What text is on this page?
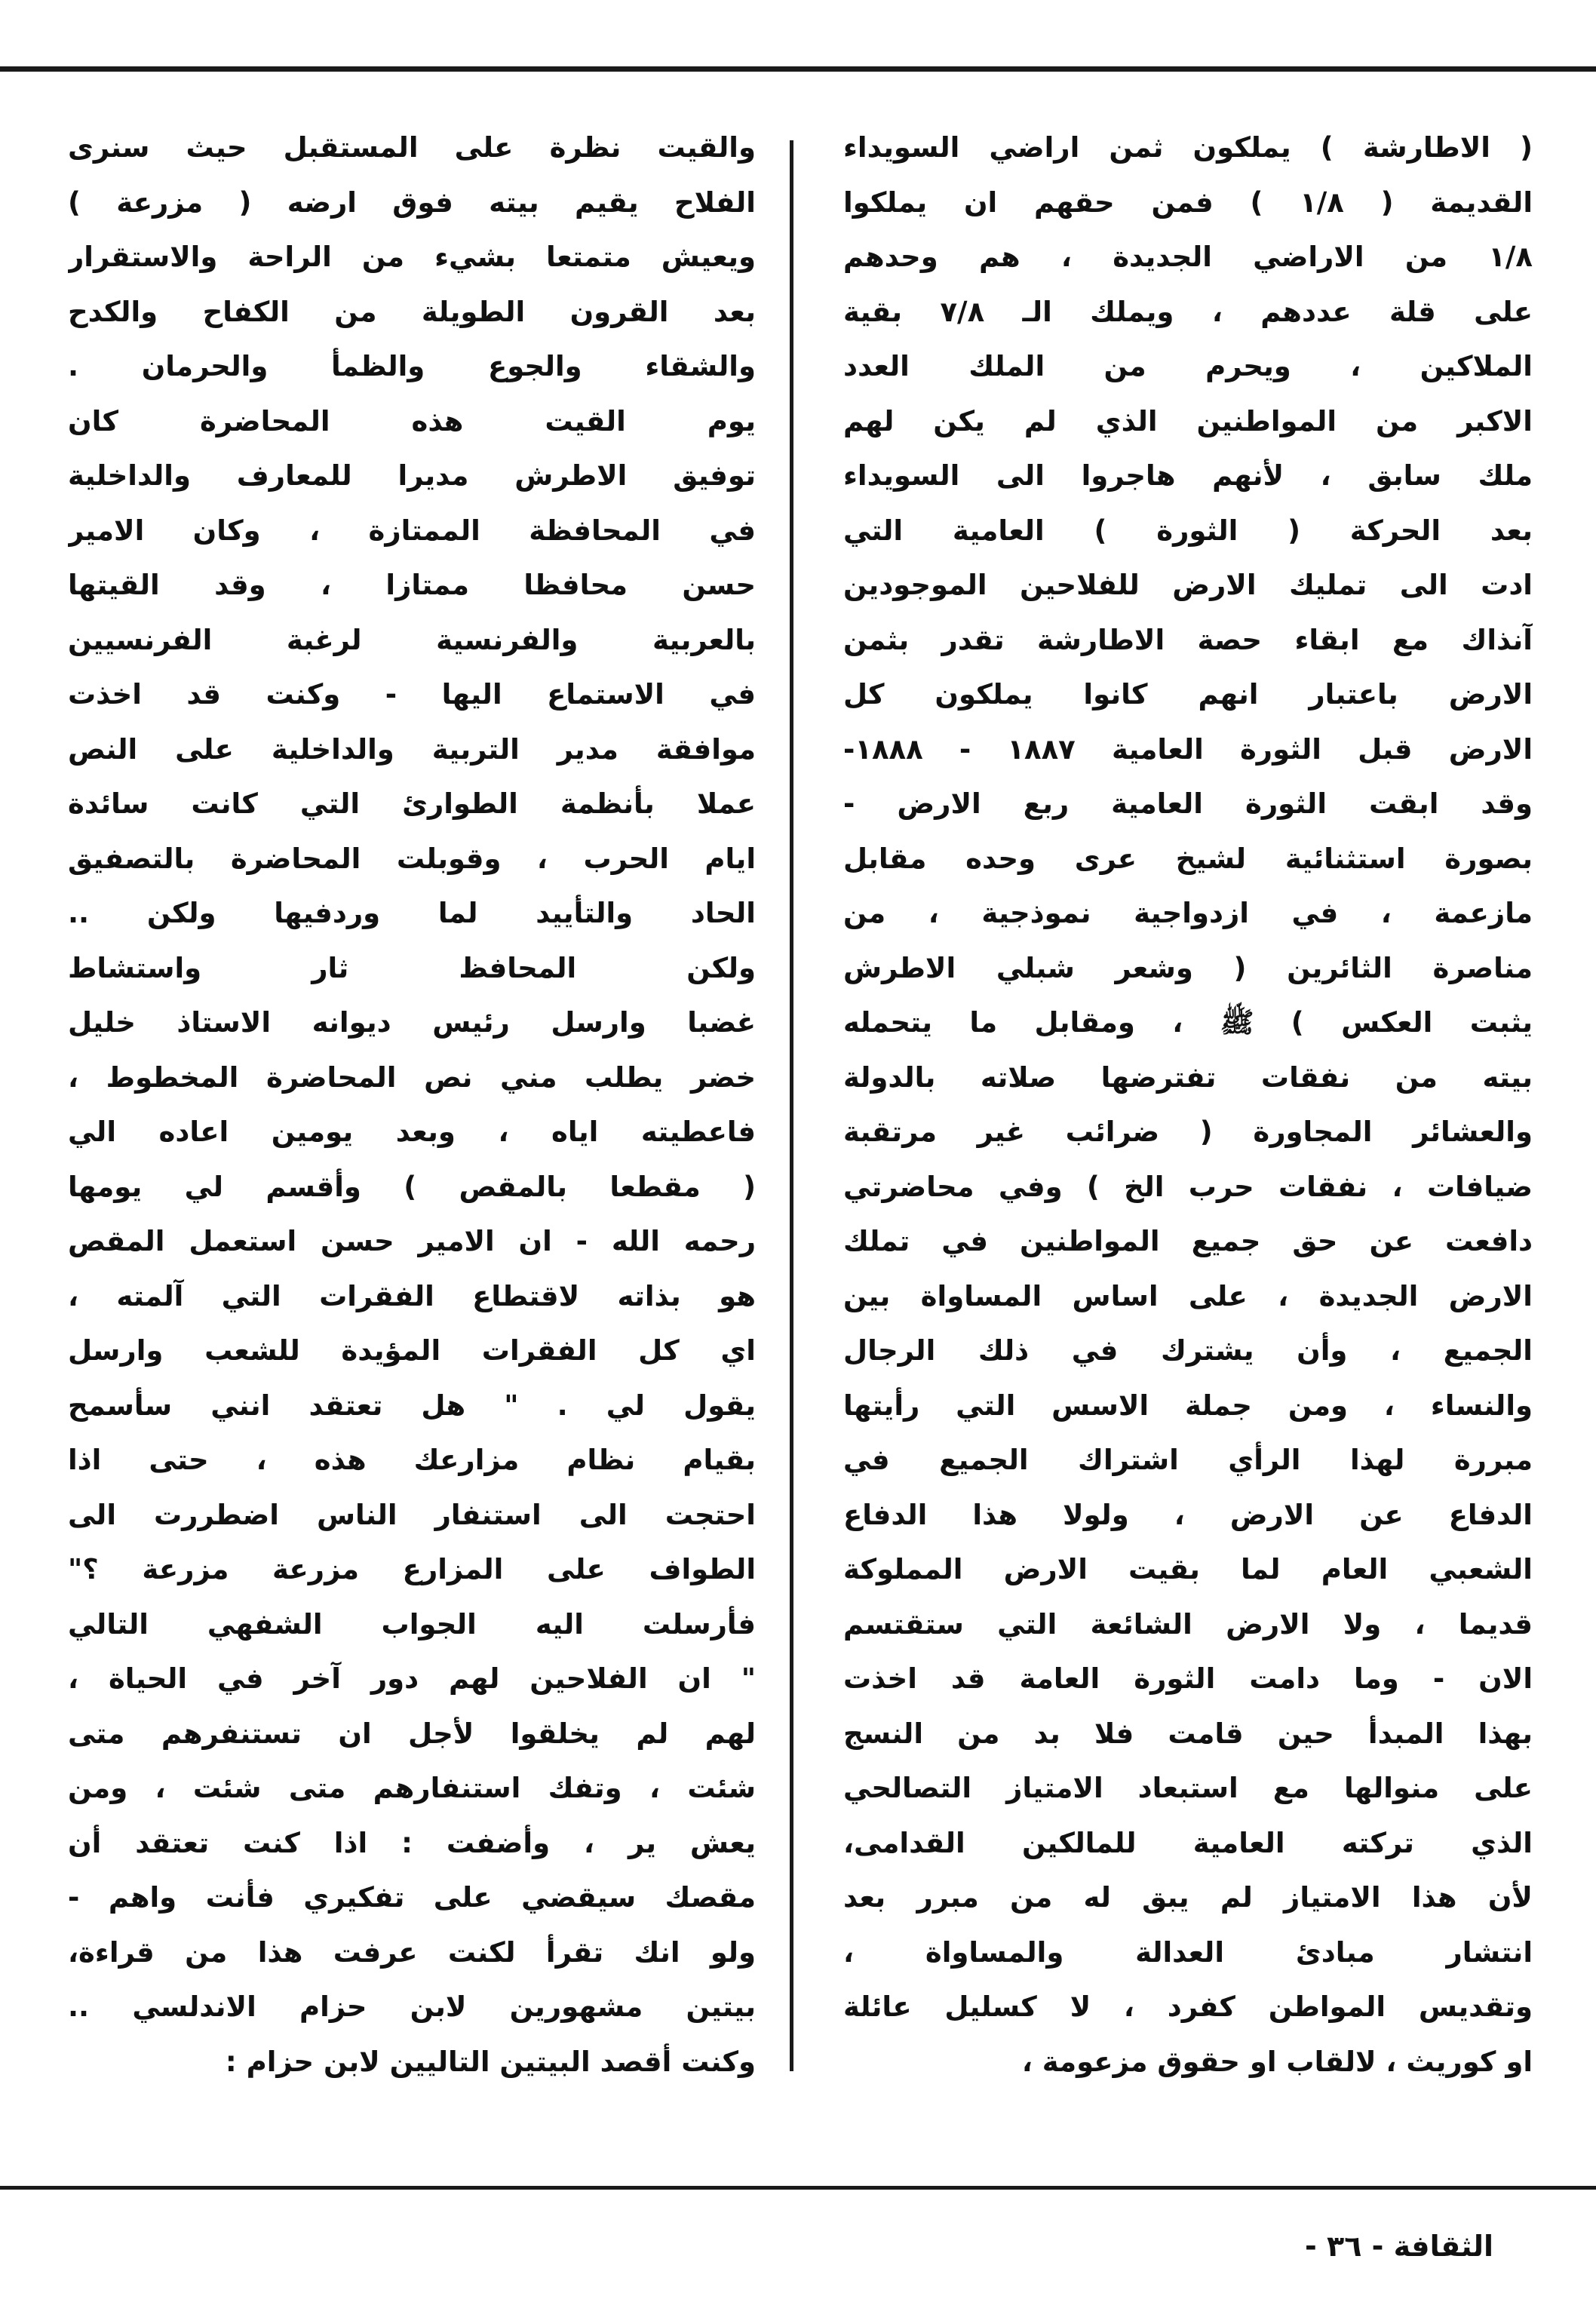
( الاطارشة ) يملكون ثمن اراضي السويداء
القديمة ( ١/٨ ) فمن حقهم ان يملكوا
١/٨ من الاراضي الجديدة ، هم وحدهم
على قلة عددهم ، ويملك الـ ٧/٨ بقية
الملاكين ، ويحرم من الملك العدد
الاكبر من المواطنين الذي لم يكن لهم
ملك سابق ، لأنهم هاجروا الى السويداء
بعد الحركة ( الثورة ) العامية التي
ادت الى تمليك الارض للفلاحين الموجودين
آنذاك مع ابقاء حصة الاطارشة تقدر بثمن
الارض باعتبار انهم كانوا يملكون كل
الارض قبل الثورة العامية ١٨٨٧ - ١٨٨٨-
وقد ابقت الثورة العامية ربع الارض -
بصورة استثنائية لشيخ عرى وحده مقابل
مازعمة ، في ازدواجية نموذجية ، من
مناصرة الثائرين ( وشعر شبلي الاطرش
يثبت العكس ) ﷺ ، ومقابل ما يتحمله
بيته من نفقات تفترضها صلاته بالدولة
والعشائر المجاورة ( ضرائب غير مرتقبة
ضيافات ، نفقات حرب الخ ) وفي محاضرتي
دافعت عن حق جميع المواطنين في تملك
الارض الجديدة ، على اساس المساواة بين
الجميع ، وأن يشترك في ذلك الرجال
والنساء ، ومن جملة الاسس التي رأيتها
مبررة لهذا الرأي اشتراك الجميع في
الدفاع عن الارض ، ولولا هذا الدفاع
الشعبي العام لما بقيت الارض المملوكة
قديما ، ولا الارض الشائعة التي ستقتسم
الان - وما دامت الثورة العامة قد اخذت
بهذا المبدأ حين قامت فلا بد من النسج
على منوالها مع استبعاد الامتياز التصالحي
الذي تركته العامية للمالكين القدامى،
لأن هذا الامتياز لم يبق له من مبرر بعد
انتشار مبادئ العدالة والمساواة ،
وتقديس المواطن كفرد ، لا كسليل عائلة
او كوريث ، لالقاب او حقوق مزعومة ،
والقيت نظرة على المستقبل حيث سنرى
الفلاح يقيم بيته فوق ارضه ( مزرعة )
ويعيش متمتعا بشيء من الراحة والاستقرار
بعد القرون الطويلة من الكفاح والكدح
والشقاء والجوع والظمأ والحرمان .
يوم القيت هذه المحاضرة كان
توفيق الاطرش مديرا للمعارف والداخلية
في المحافظة الممتازة ، وكان الامير
حسن محافظا ممتازا ، وقد القيتها
بالعربية والفرنسية لرغبة الفرنسيين
في الاستماع اليها - وكنت قد اخذت
موافقة مدير التربية والداخلية على النص
عملا بأنظمة الطوارئ التي كانت سائدة
ايام الحرب ، وقوبلت المحاضرة بالتصفيق
الحاد والتأييد لما وردفيها ولكن ..
ولكن المحافظ ثار واستشاط
غضبا وارسل رئيس ديوانه الاستاذ خليل
خضر يطلب مني نص المحاضرة المخطوط ،
فاعطيته اياه ، وبعد يومين اعاده الي
( مقطعا بالمقص ) وأقسم لي يومها
رحمه الله - ان الامير حسن استعمل المقص
هو بذاته لاقتطاع الفقرات التي آلمته ،
اي كل الفقرات المؤيدة للشعب وارسل
يقول لي . " هل تعتقد انني سأسمح
بقيام نظام مزارعك هذه ، حتى اذا
احتجت الى استنفار الناس اضطررت الى
الطواف على المزارع مزرعة مزرعة ؟"
فأرسلت اليه الجواب الشفهي التالي
" ان الفلاحين لهم دور آخر في الحياة ،
لهم لم يخلقوا لأجل ان تستنفرهم متى
شئت ، وتفك استنفارهم متى شئت ، ومن
يعش ير ، وأضفت : اذا كنت تعتقد أن
مقصك سيقضي على تفكيري فأنت واهم -
ولو انك تقرأ لكنت عرفت هذا من قراءة،
بيتين مشهورين لابن حزام الاندلسي ..
وكنت أقصد البيتين التاليين لابن حزام :
الثقافة - ٣٦ -
